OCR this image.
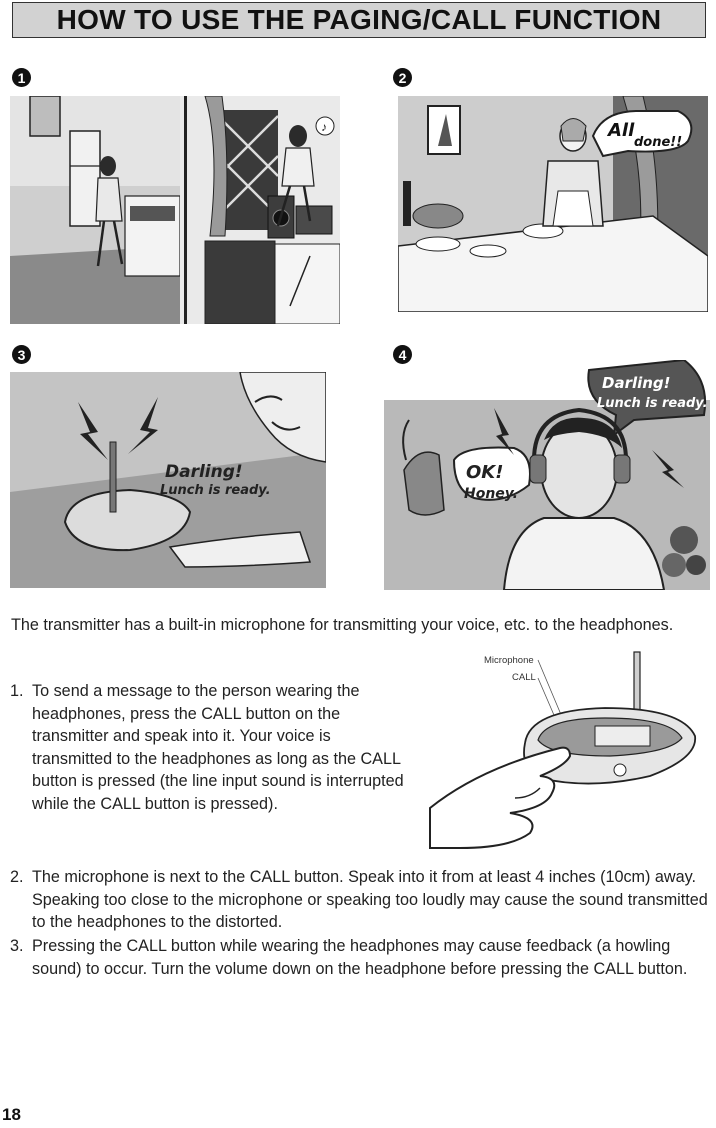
HOW TO USE THE PAGING/CALL FUNCTION
1	2
3	4
♪	All
done!!
Darling!
Lunch is ready.
Darling!
Lunch is ready.
OK!
Honey.
The transmitter has a built-in microphone for transmitting your voice, etc. to the headphones.
1. To send a message to the person wearing the headphones, press the CALL button on the transmitter and speak into it. Your voice is transmitted to the headphones as long as the CALL button is pressed (the line input sound is interrupted while the CALL button is pressed).
Microphone
CALL
2. The microphone is next to the CALL button. Speak into it from at least 4 inches (10cm) away. Speaking too close to the microphone or speaking too loudly may cause the sound transmitted to the headphones to the distorted.
3. Pressing the CALL button while wearing the headphones may cause feedback (a howling sound) to occur. Turn the volume down on the headphone before pressing the CALL button.
18
